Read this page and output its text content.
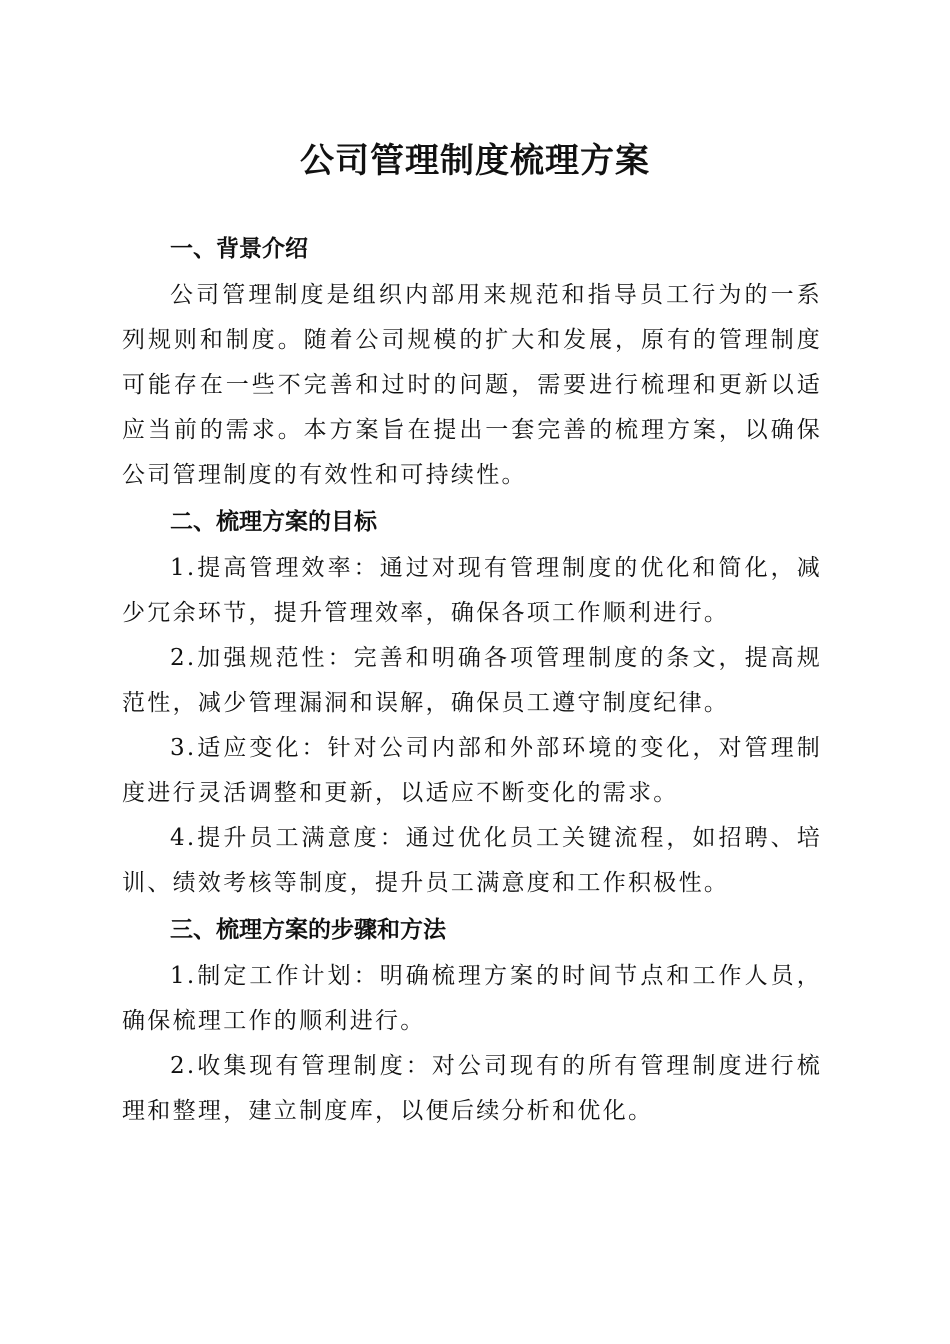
公司管理制度梳理方案
一、背景介绍

公司管理制度是组织内部用来规范和指导员工行为的一系列规则和制度。随着公司规模的扩大和发展，原有的管理制度可能存在一些不完善和过时的问题，需要进行梳理和更新以适应当前的需求。本方案旨在提出一套完善的梳理方案，以确保公司管理制度的有效性和可持续性。

二、梳理方案的目标

1.提高管理效率：通过对现有管理制度的优化和简化，减少冗余环节，提升管理效率，确保各项工作顺利进行。

2.加强规范性：完善和明确各项管理制度的条文，提高规范性，减少管理漏洞和误解，确保员工遵守制度纪律。

3.适应变化：针对公司内部和外部环境的变化，对管理制度进行灵活调整和更新，以适应不断变化的需求。

4.提升员工满意度：通过优化员工关键流程，如招聘、培训、绩效考核等制度，提升员工满意度和工作积极性。

三、梳理方案的步骤和方法

1.制定工作计划：明确梳理方案的时间节点和工作人员，确保梳理工作的顺利进行。

2.收集现有管理制度：对公司现有的所有管理制度进行梳理和整理，建立制度库，以便后续分析和优化。
